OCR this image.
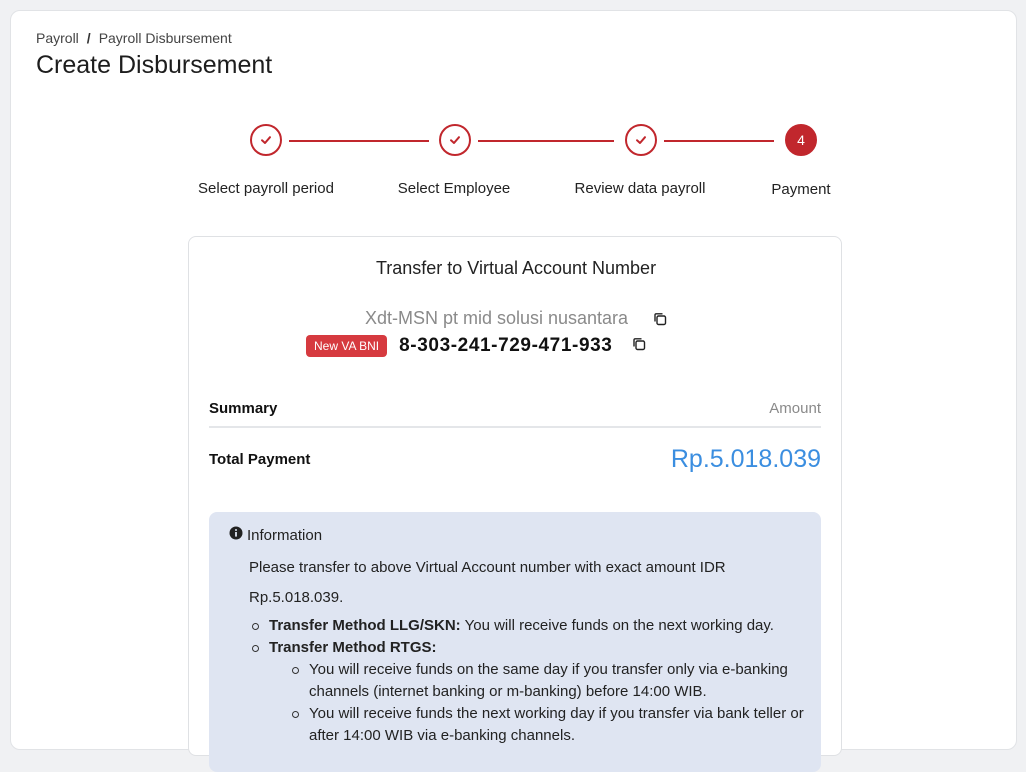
Payroll / Payroll Disbursement
Create Disbursement
4
Select payroll period	Select Employee	Review data payroll	Payment
Transfer to Virtual Account Number
Xdt-MSN pt mid solusi nusantara
New VA BNI	8-303-241-729-471-933
Summary	Amount
Total Payment	Rp.5.018.039
Information
Please transfer to above Virtual Account number with exact amount IDR Rp.5.018.039.
Transfer Method LLG/SKN: You will receive funds on the next working day.
Transfer Method RTGS:
You will receive funds on the same day if you transfer only via e-banking channels (internet banking or m-banking) before 14:00 WIB.
You will receive funds the next working day if you transfer via bank teller or after 14:00 WIB via e-banking channels.
